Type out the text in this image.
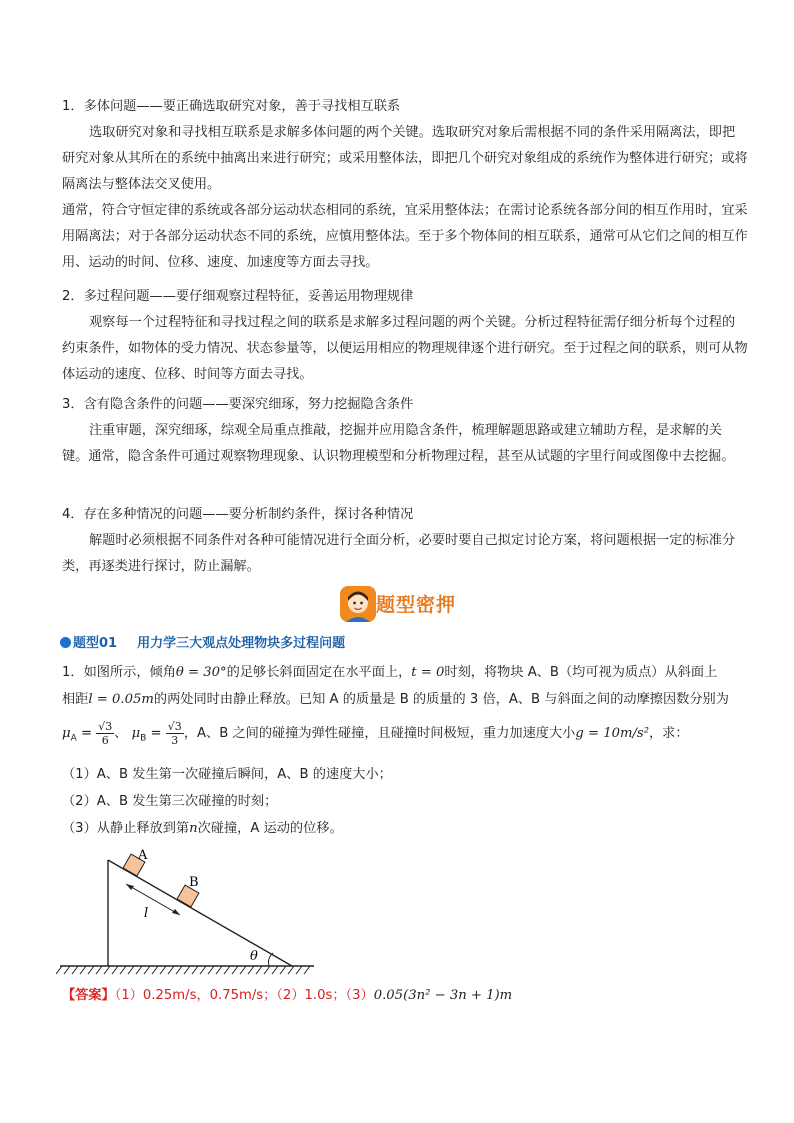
1．多体问题——要正确选取研究对象，善于寻找相互联系

选取研究对象和寻找相互联系是求解多体问题的两个关键。选取研究对象后需根据不同的条件采用隔离法，即把研究对象从其所在的系统中抽离出来进行研究；或采用整体法，即把几个研究对象组成的系统作为整体进行研究；或将隔离法与整体法交叉使用。

通常，符合守恒定律的系统或各部分运动状态相同的系统，宜采用整体法；在需讨论系统各部分间的相互作用时，宜采用隔离法；对于各部分运动状态不同的系统，应慎用整体法。至于多个物体间的相互联系，通常可从它们之间的相互作用、运动的时间、位移、速度、加速度等方面去寻找。

2．多过程问题——要仔细观察过程特征，妥善运用物理规律

观察每一个过程特征和寻找过程之间的联系是求解多过程问题的两个关键。分析过程特征需仔细分析每个过程的约束条件，如物体的受力情况、状态参量等，以便运用相应的物理规律逐个进行研究。至于过程之间的联系，则可从物体运动的速度、位移、时间等方面去寻找。

3．含有隐含条件的问题——要深究细琢，努力挖掘隐含条件

注重审题，深究细琢，综观全局重点推敲，挖掘并应用隐含条件，梳理解题思路或建立辅助方程，是求解的关键。通常，隐含条件可通过观察物理现象、认识物理模型和分析物理过程，甚至从试题的字里行间或图像中去挖掘。

4．存在多种情况的问题——要分析制约条件，探讨各种情况

解题时必须根据不同条件对各种可能情况进行全面分析，必要时要自己拟定讨论方案，将问题根据一定的标准分类，再逐类进行探讨，防止漏解。

题型密押
题型01 用力学三大观点处理物块多过程问题

1．如图所示，倾角θ = 30°的足够长斜面固定在水平面上，t = 0时刻，将物块 A、B（均可视为质点）从斜面上

相距l = 0.05m的两处同时由静止释放。已知 A 的质量是 B 的质量的 3 倍，A、B 与斜面之间的动摩擦因数分别为

$\mu_A = \frac{√3}{6}$ 、 $\mu_B = \frac{√3}{3}$ ，A、B 之间的碰撞为弹性碰撞，且碰撞时间极短，重力加速度大小g = 10m/s²，求：

（1）A、B 发生第一次碰撞后瞬间，A、B 的速度大小；

（2）A、B 发生第三次碰撞的时刻；

（3）从静止释放到第n次碰撞，A 运动的位移。

θ
A
B
l
【答案】（1）0.25m/s，0.75m/s；（2）1.0s；（3）0.05(3n² − 3n + 1)m
